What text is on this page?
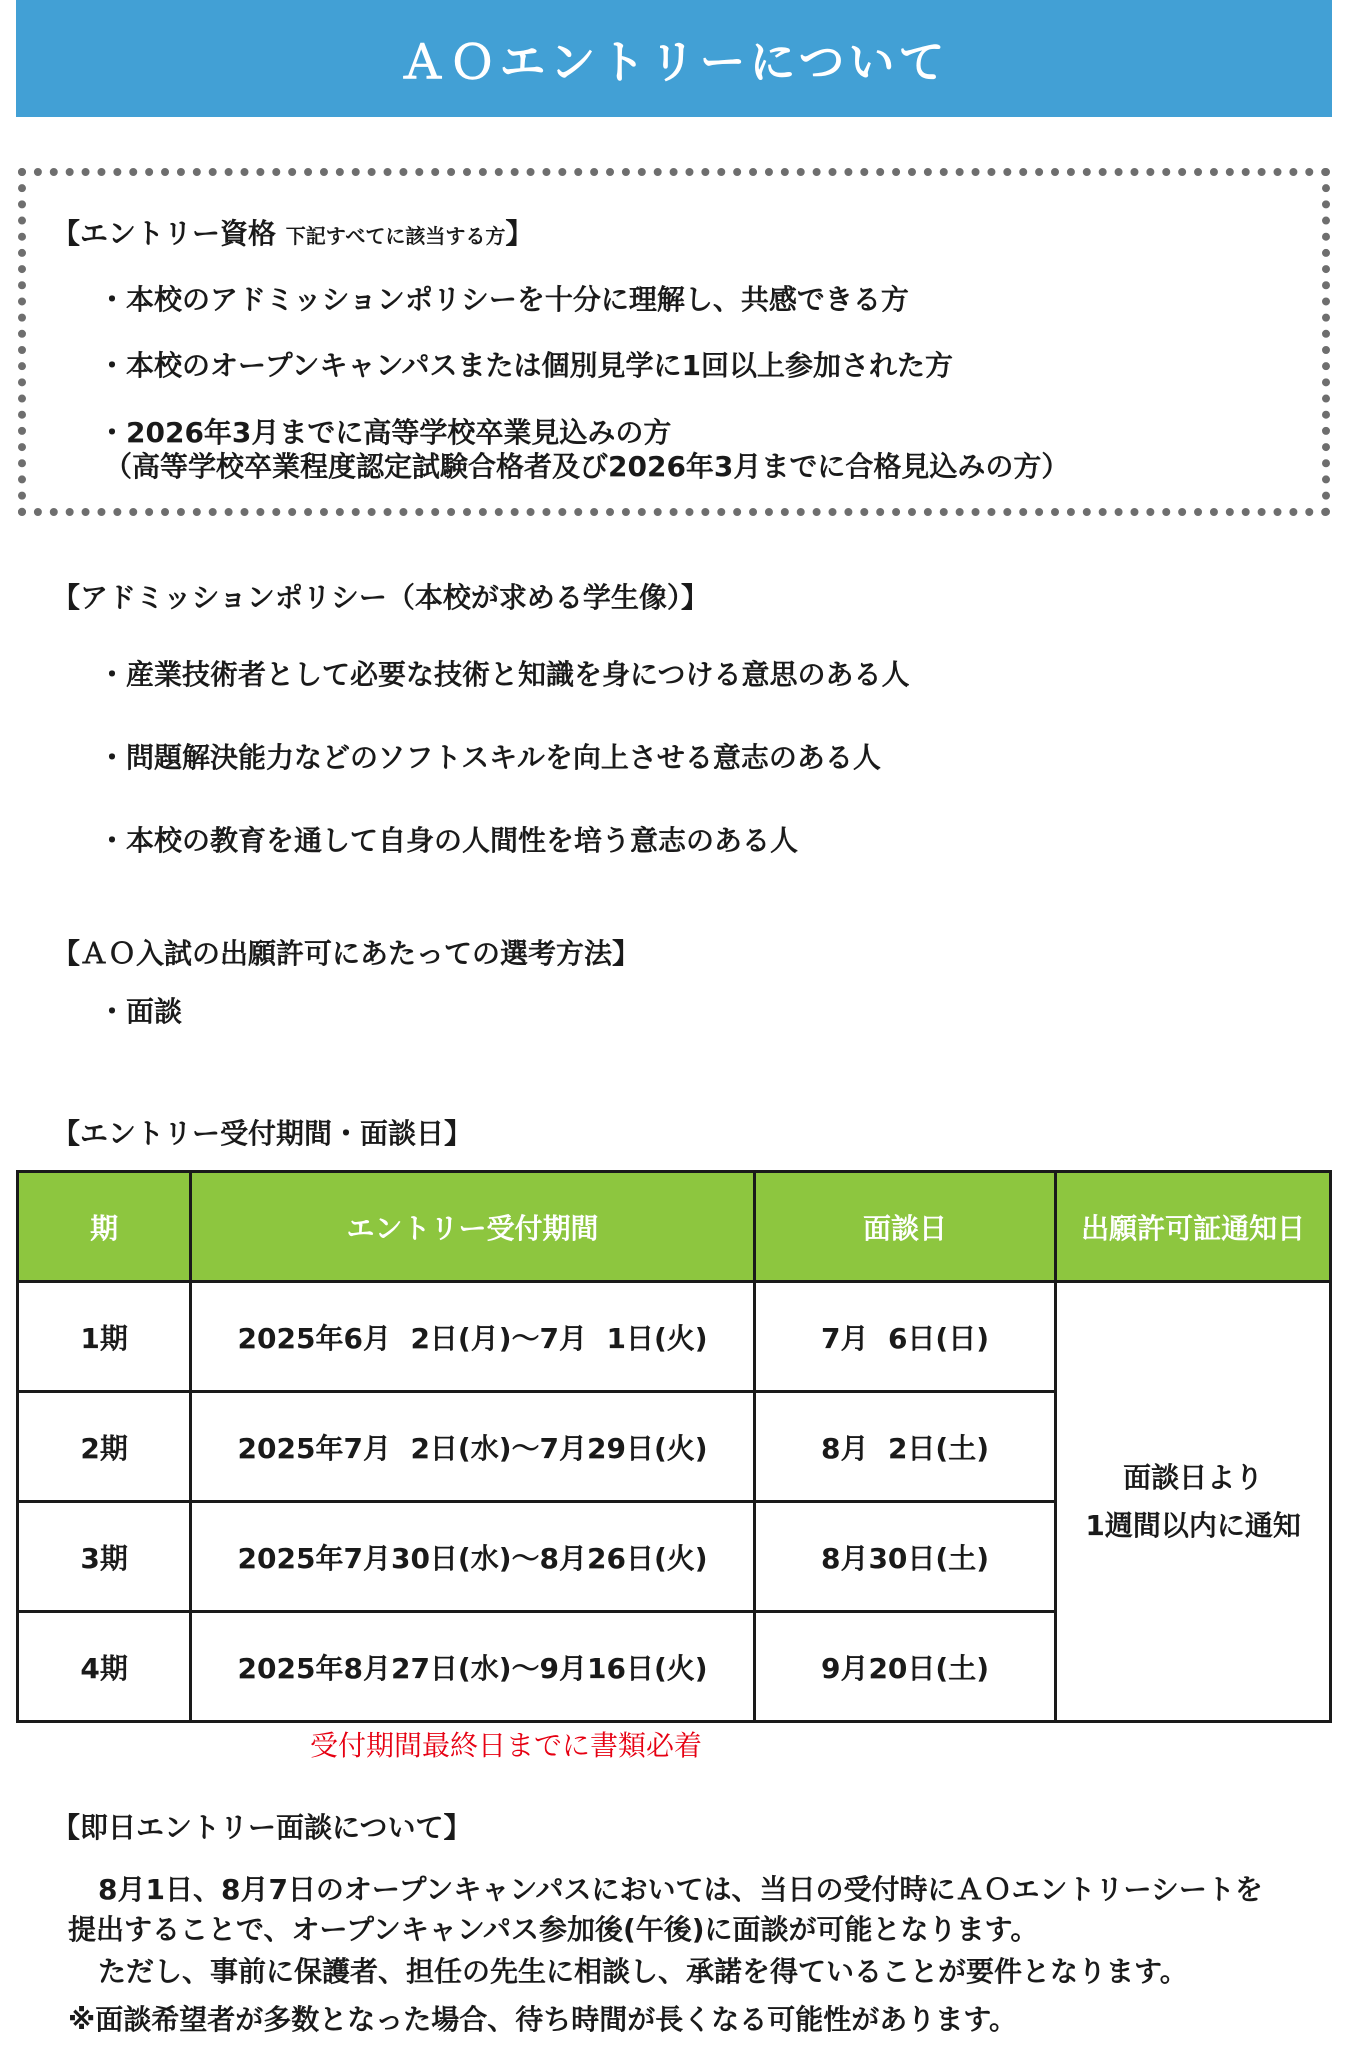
ＡＯエントリーについて
【エントリー資格 下記すべてに該当する方】
・本校のアドミッションポリシーを十分に理解し、共感できる方
・本校のオープンキャンパスまたは個別見学に1回以上参加された方
・2026年3月までに高等学校卒業見込みの方
（高等学校卒業程度認定試験合格者及び2026年3月までに合格見込みの方）
【アドミッションポリシー（本校が求める学生像）】
・産業技術者として必要な技術と知識を身につける意思のある人
・問題解決能力などのソフトスキルを向上させる意志のある人
・本校の教育を通して自身の人間性を培う意志のある人
【ＡＯ入試の出願許可にあたっての選考方法】
・面談
【エントリー受付期間・面談日】
期	エントリー受付期間	面談日	出願許可証通知日
1期	2025年6月  2日(月)～7月  1日(火)	7月  6日(日)	面談日より
1週間以内に通知

2期	2025年7月  2日(水)～7月29日(火)	8月  2日(土)	
3期	2025年7月30日(水)～8月26日(火)	8月30日(土)	
4期	2025年8月27日(水)～9月16日(火)	9月20日(土)	
受付期間最終日までに書類必着
【即日エントリー面談について】
8月1日、8月7日のオープンキャンパスにおいては、当日の受付時にＡＯエントリーシートを
提出することで、オープンキャンパス参加後(午後)に面談が可能となります。
ただし、事前に保護者、担任の先生に相談し、承諾を得ていることが要件となります。
※面談希望者が多数となった場合、待ち時間が長くなる可能性があります。
